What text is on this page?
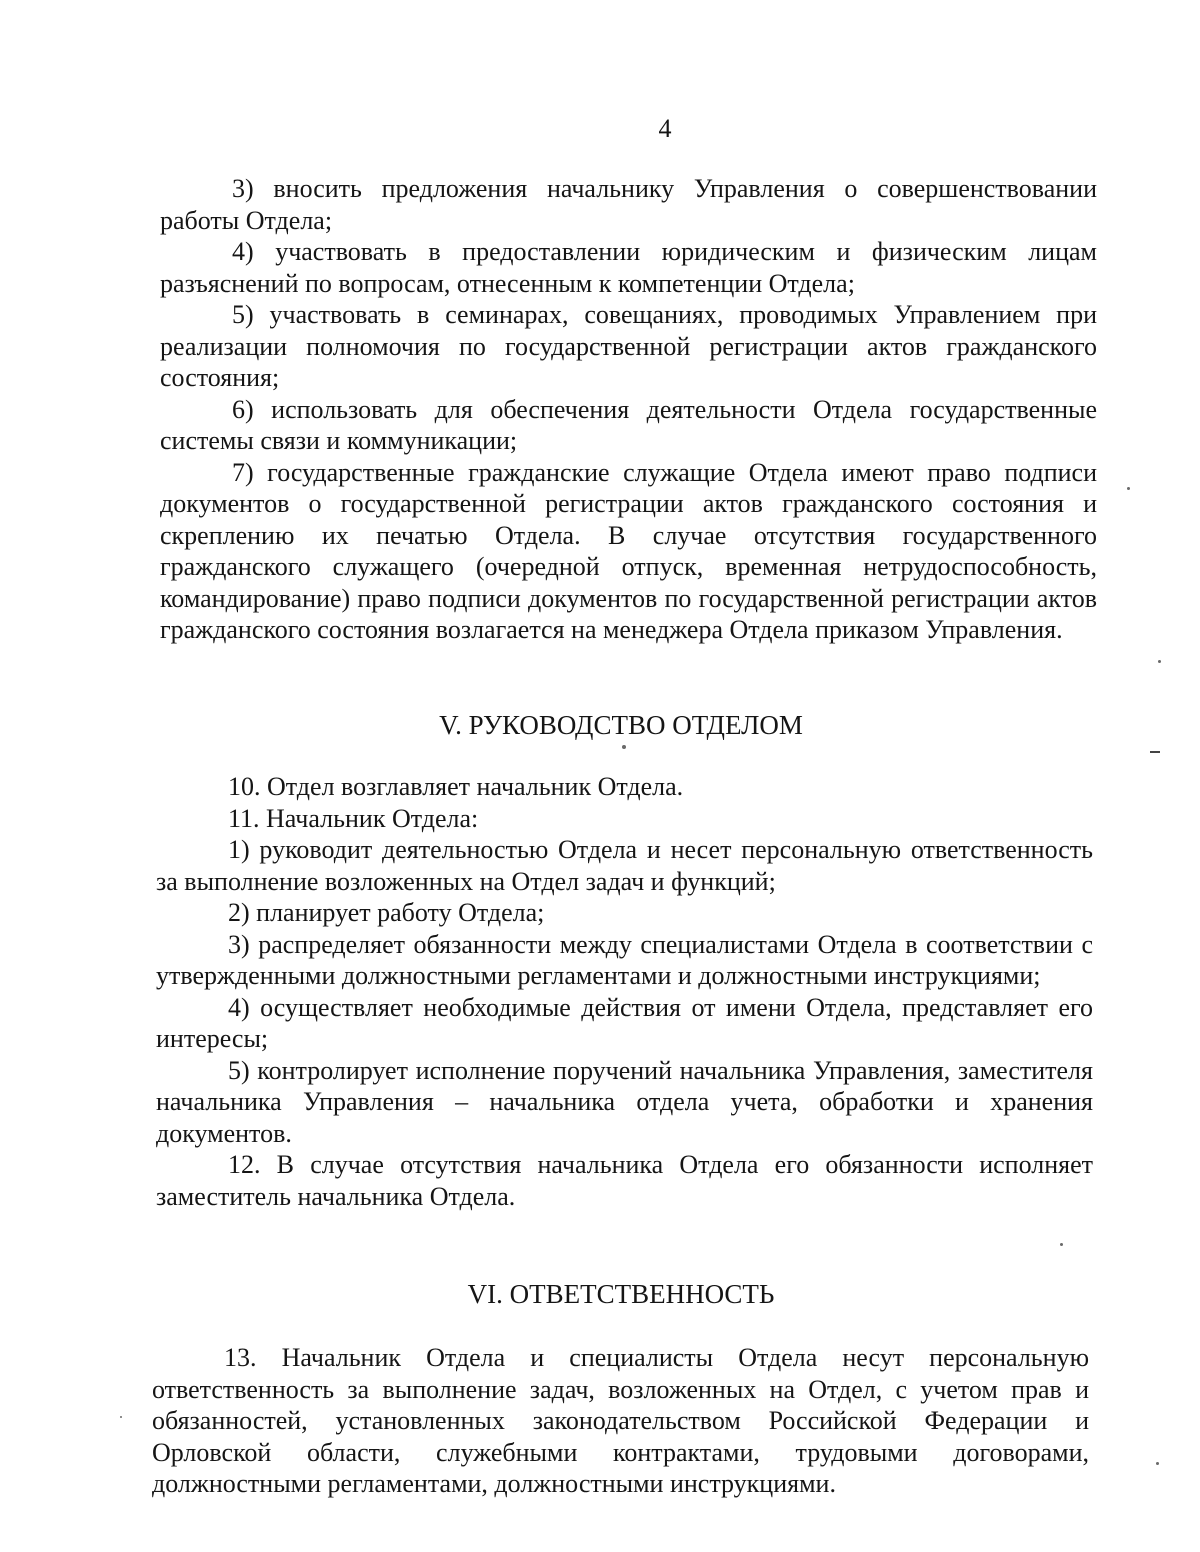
4

3) вносить предложения начальнику Управления о совершенствовании работы Отдела;

4) участвовать в предоставлении юридическим и физическим лицам разъяснений по вопросам, отнесенным к компетенции Отдела;

5) участвовать в семинарах, совещаниях, проводимых Управлением при реализации полномочия по государственной регистрации актов гражданского состояния;

6) использовать для обеспечения деятельности Отдела государственные системы связи и коммуникации;

7) государственные гражданские служащие Отдела имеют право подписи документов о государственной регистрации актов гражданского состояния и скреплению их печатью Отдела. В случае отсутствия государственного гражданского служащего (очередной отпуск, временная нетрудоспособность, командирование) право подписи документов по государственной регистрации актов гражданского состояния возлагается на менеджера Отдела приказом Управления.

V. РУКОВОДСТВО ОТДЕЛОМ

10. Отдел возглавляет начальник Отдела.

11. Начальник Отдела:

1) руководит деятельностью Отдела и несет персональную ответственность за выполнение возложенных на Отдел задач и функций;

2) планирует работу Отдела;

3) распределяет обязанности между специалистами Отдела в соответствии с утвержденными должностными регламентами и должностными инструкциями;

4) осуществляет необходимые действия от имени Отдела, представляет его интересы;

5) контролирует исполнение поручений начальника Управления, заместителя начальника Управления – начальника отдела учета, обработки и хранения документов.

12. В случае отсутствия начальника Отдела его обязанности исполняет заместитель начальника Отдела.

VI. ОТВЕТСТВЕННОСТЬ

13. Начальник Отдела и специалисты Отдела несут персональную ответственность за выполнение задач, возложенных на Отдел, с учетом прав и обязанностей, установленных законодательством Российской Федерации и Орловской области, служебными контрактами, трудовыми договорами, должностными регламентами, должностными инструкциями.
